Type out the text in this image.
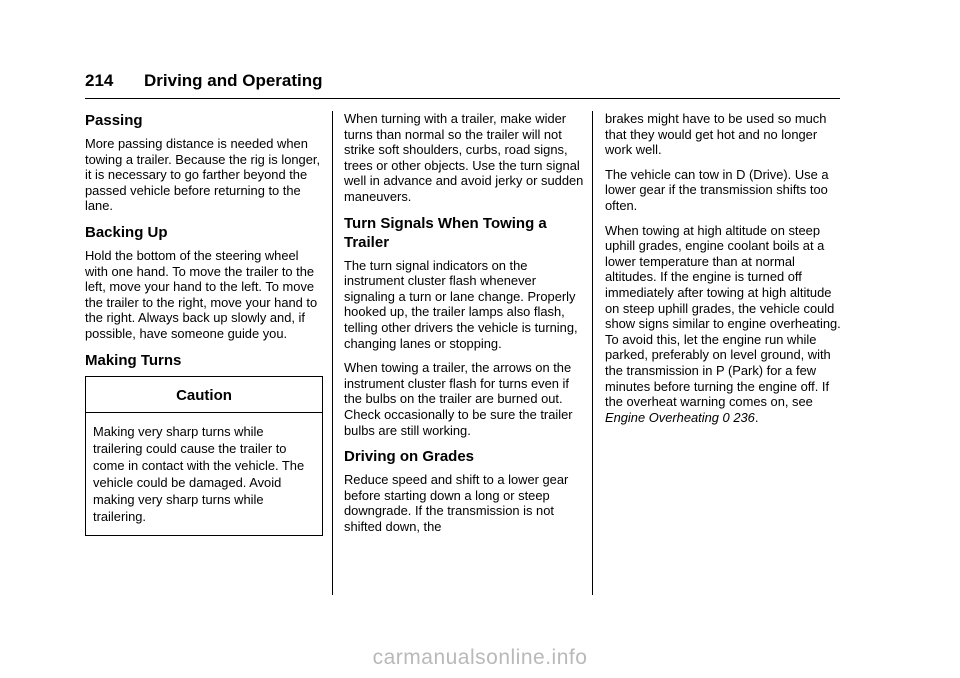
214 Driving and Operating
Passing

More passing distance is needed when towing a trailer. Because the rig is longer, it is necessary to go farther beyond the passed vehicle before returning to the lane.

Backing Up

Hold the bottom of the steering wheel with one hand. To move the trailer to the left, move your hand to the left. To move the trailer to the right, move your hand to the right. Always back up slowly and, if possible, have someone guide you.

Making Turns
Caution
Making very sharp turns while trailering could cause the trailer to come in contact with the vehicle. The vehicle could be damaged. Avoid making very sharp turns while trailering.

When turning with a trailer, make wider turns than normal so the trailer will not strike soft shoulders, curbs, road signs, trees or other objects. Use the turn signal well in advance and avoid jerky or sudden maneuvers.

Turn Signals When Towing a Trailer

The turn signal indicators on the instrument cluster flash whenever signaling a turn or lane change. Properly hooked up, the trailer lamps also flash, telling other drivers the vehicle is turning, changing lanes or stopping.

When towing a trailer, the arrows on the instrument cluster flash for turns even if the bulbs on the trailer are burned out. Check occasionally to be sure the trailer bulbs are still working.

Driving on Grades

Reduce speed and shift to a lower gear before starting down a long or steep downgrade. If the transmission is not shifted down, the

brakes might have to be used so much that they would get hot and no longer work well.

The vehicle can tow in D (Drive). Use a lower gear if the transmission shifts too often.

When towing at high altitude on steep uphill grades, engine coolant boils at a lower temperature than at normal altitudes. If the engine is turned off immediately after towing at high altitude on steep uphill grades, the vehicle could show signs similar to engine overheating. To avoid this, let the engine run while parked, preferably on level ground, with the transmission in P (Park) for a few minutes before turning the engine off. If the overheat warning comes on, see Engine Overheating 0 236.

carmanualsonline.info
